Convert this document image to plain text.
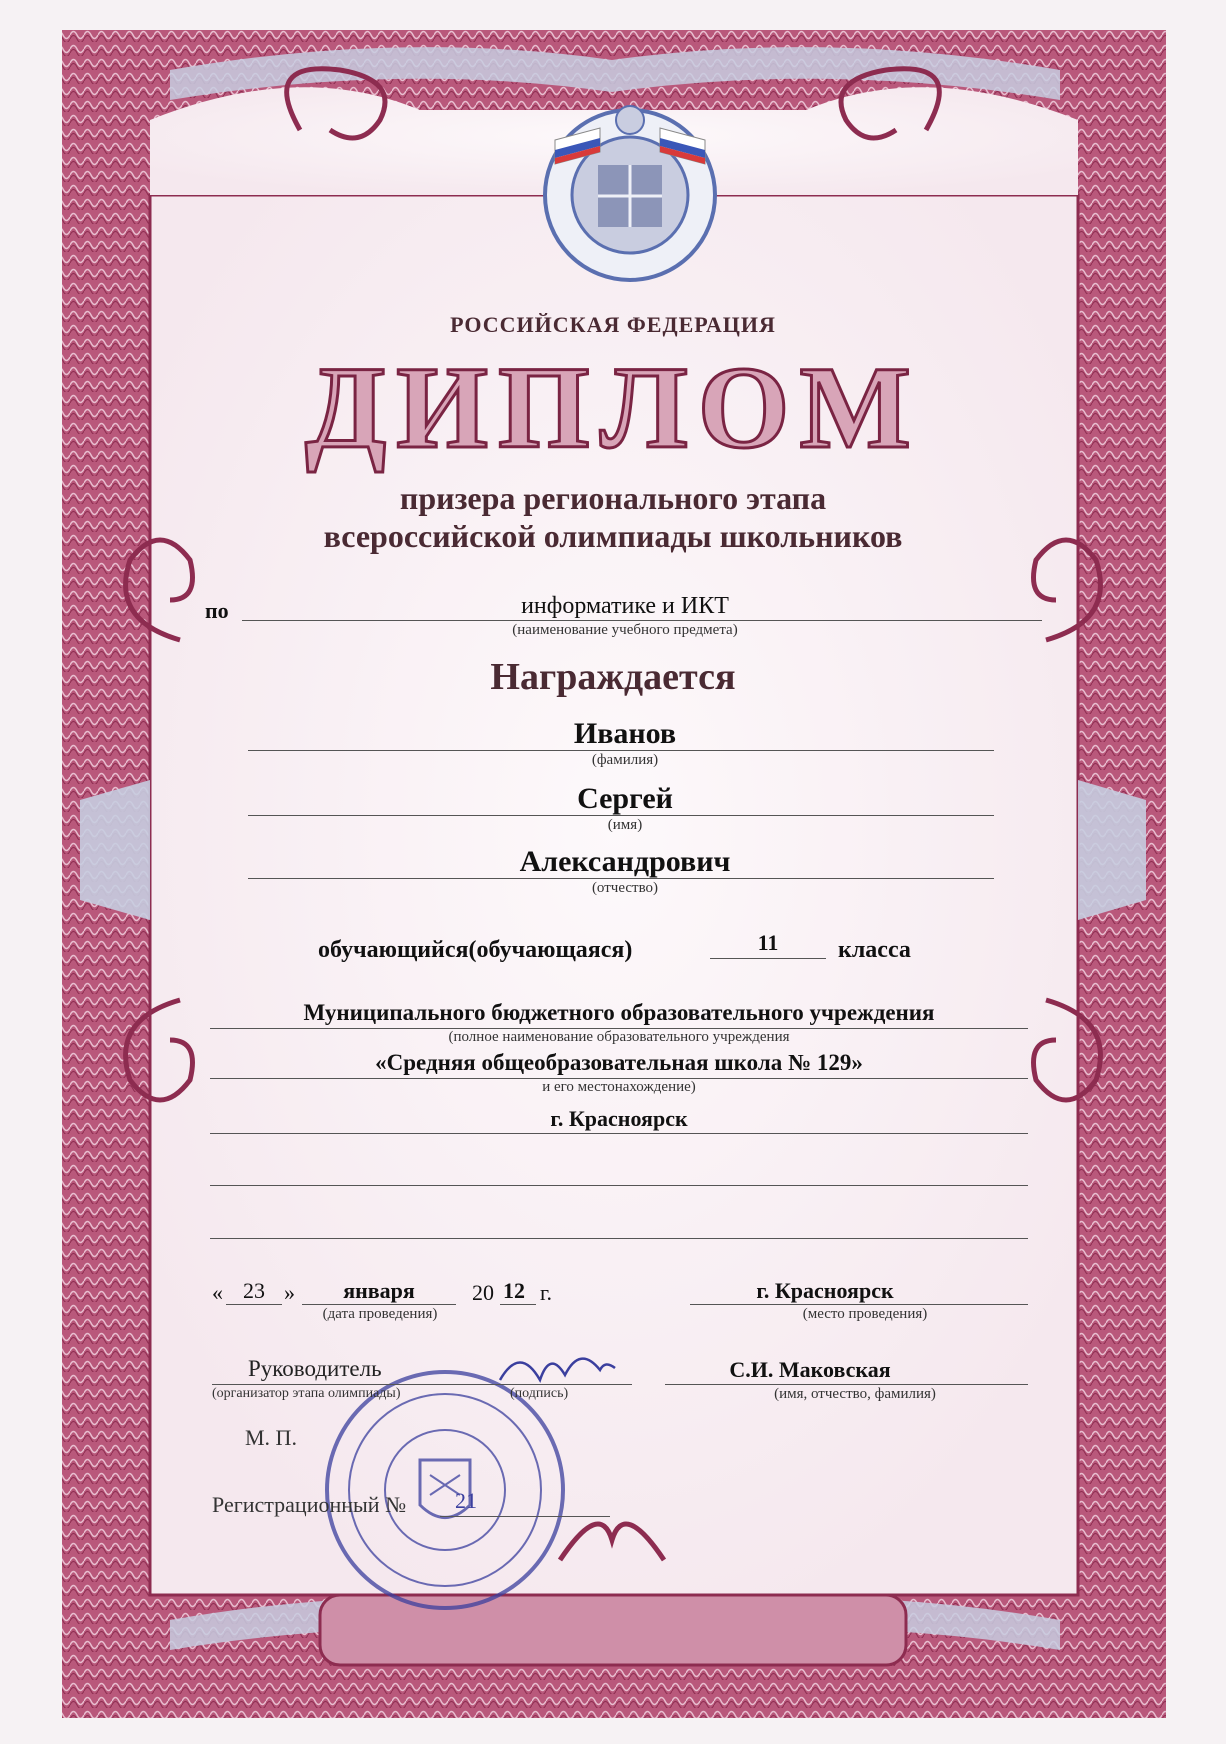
РОССИЙСКАЯ ФЕДЕРАЦИЯ
ДИПЛОМ
призера регионального этапа
всероссийской олимпиады школьников
по	информатике и ИКТ
(наименование учебного предмета)
Награждается
Иванов
(фамилия)
Сергей
(имя)
Александрович
(отчество)
обучающийся(обучающаяся)	11	класса
Муниципального бюджетного образовательного учреждения
(полное наименование образовательного учреждения
«Средняя общеобразовательная школа № 129»
и его местонахождение)
г. Красноярск
« 23 »	января
(дата проведения)
20 12 г.	г. Красноярск
(место проведения)
Руководитель
(организатор этапа олимпиады)	(подпись)
С.И. Маковская
(имя, отчество, фамилия)
М. П.
Регистрационный № 21
